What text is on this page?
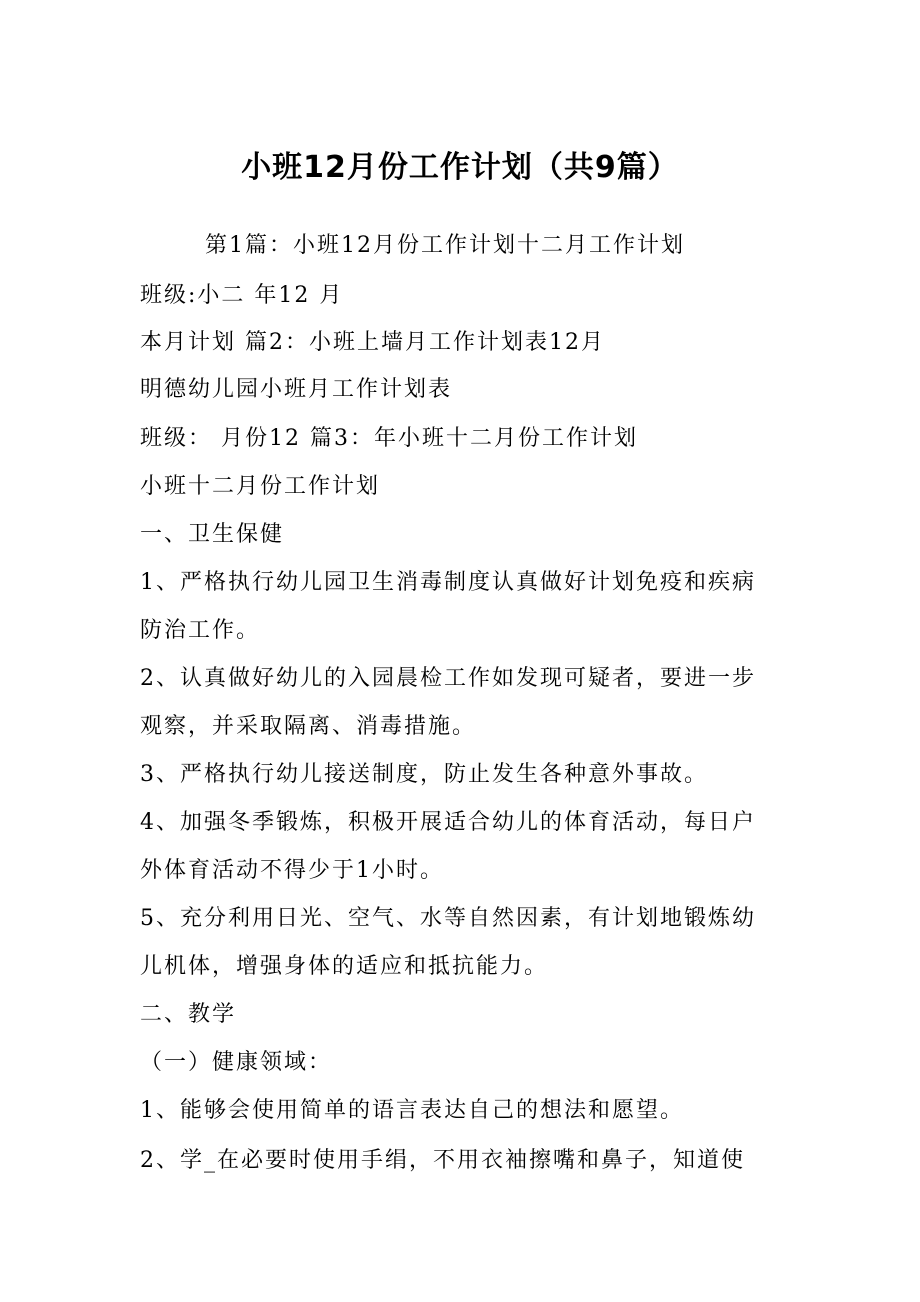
小班12月份工作计划（共9篇）
第1篇：小班12月份工作计划十二月工作计划
班级:小二 年12 月
本月计划 篇2：小班上墙月工作计划表12月
明德幼儿园小班月工作计划表
班级： 月份12 篇3：年小班十二月份工作计划
小班十二月份工作计划
一、卫生保健
1、严格执行幼儿园卫生消毒制度认真做好计划免疫和疾病
防治工作。
2、认真做好幼儿的入园晨检工作如发现可疑者，要进一步
观察，并采取隔离、消毒措施。
3、严格执行幼儿接送制度，防止发生各种意外事故。
4、加强冬季锻炼，积极开展适合幼儿的体育活动，每日户
外体育活动不得少于1小时。
5、充分利用日光、空气、水等自然因素，有计划地锻炼幼
儿机体，增强身体的适应和抵抗能力。
二、教学
（一）健康领域：
1、能够会使用简单的语言表达自己的想法和愿望。
2、学_在必要时使用手绢，不用衣袖擦嘴和鼻子，知道使
